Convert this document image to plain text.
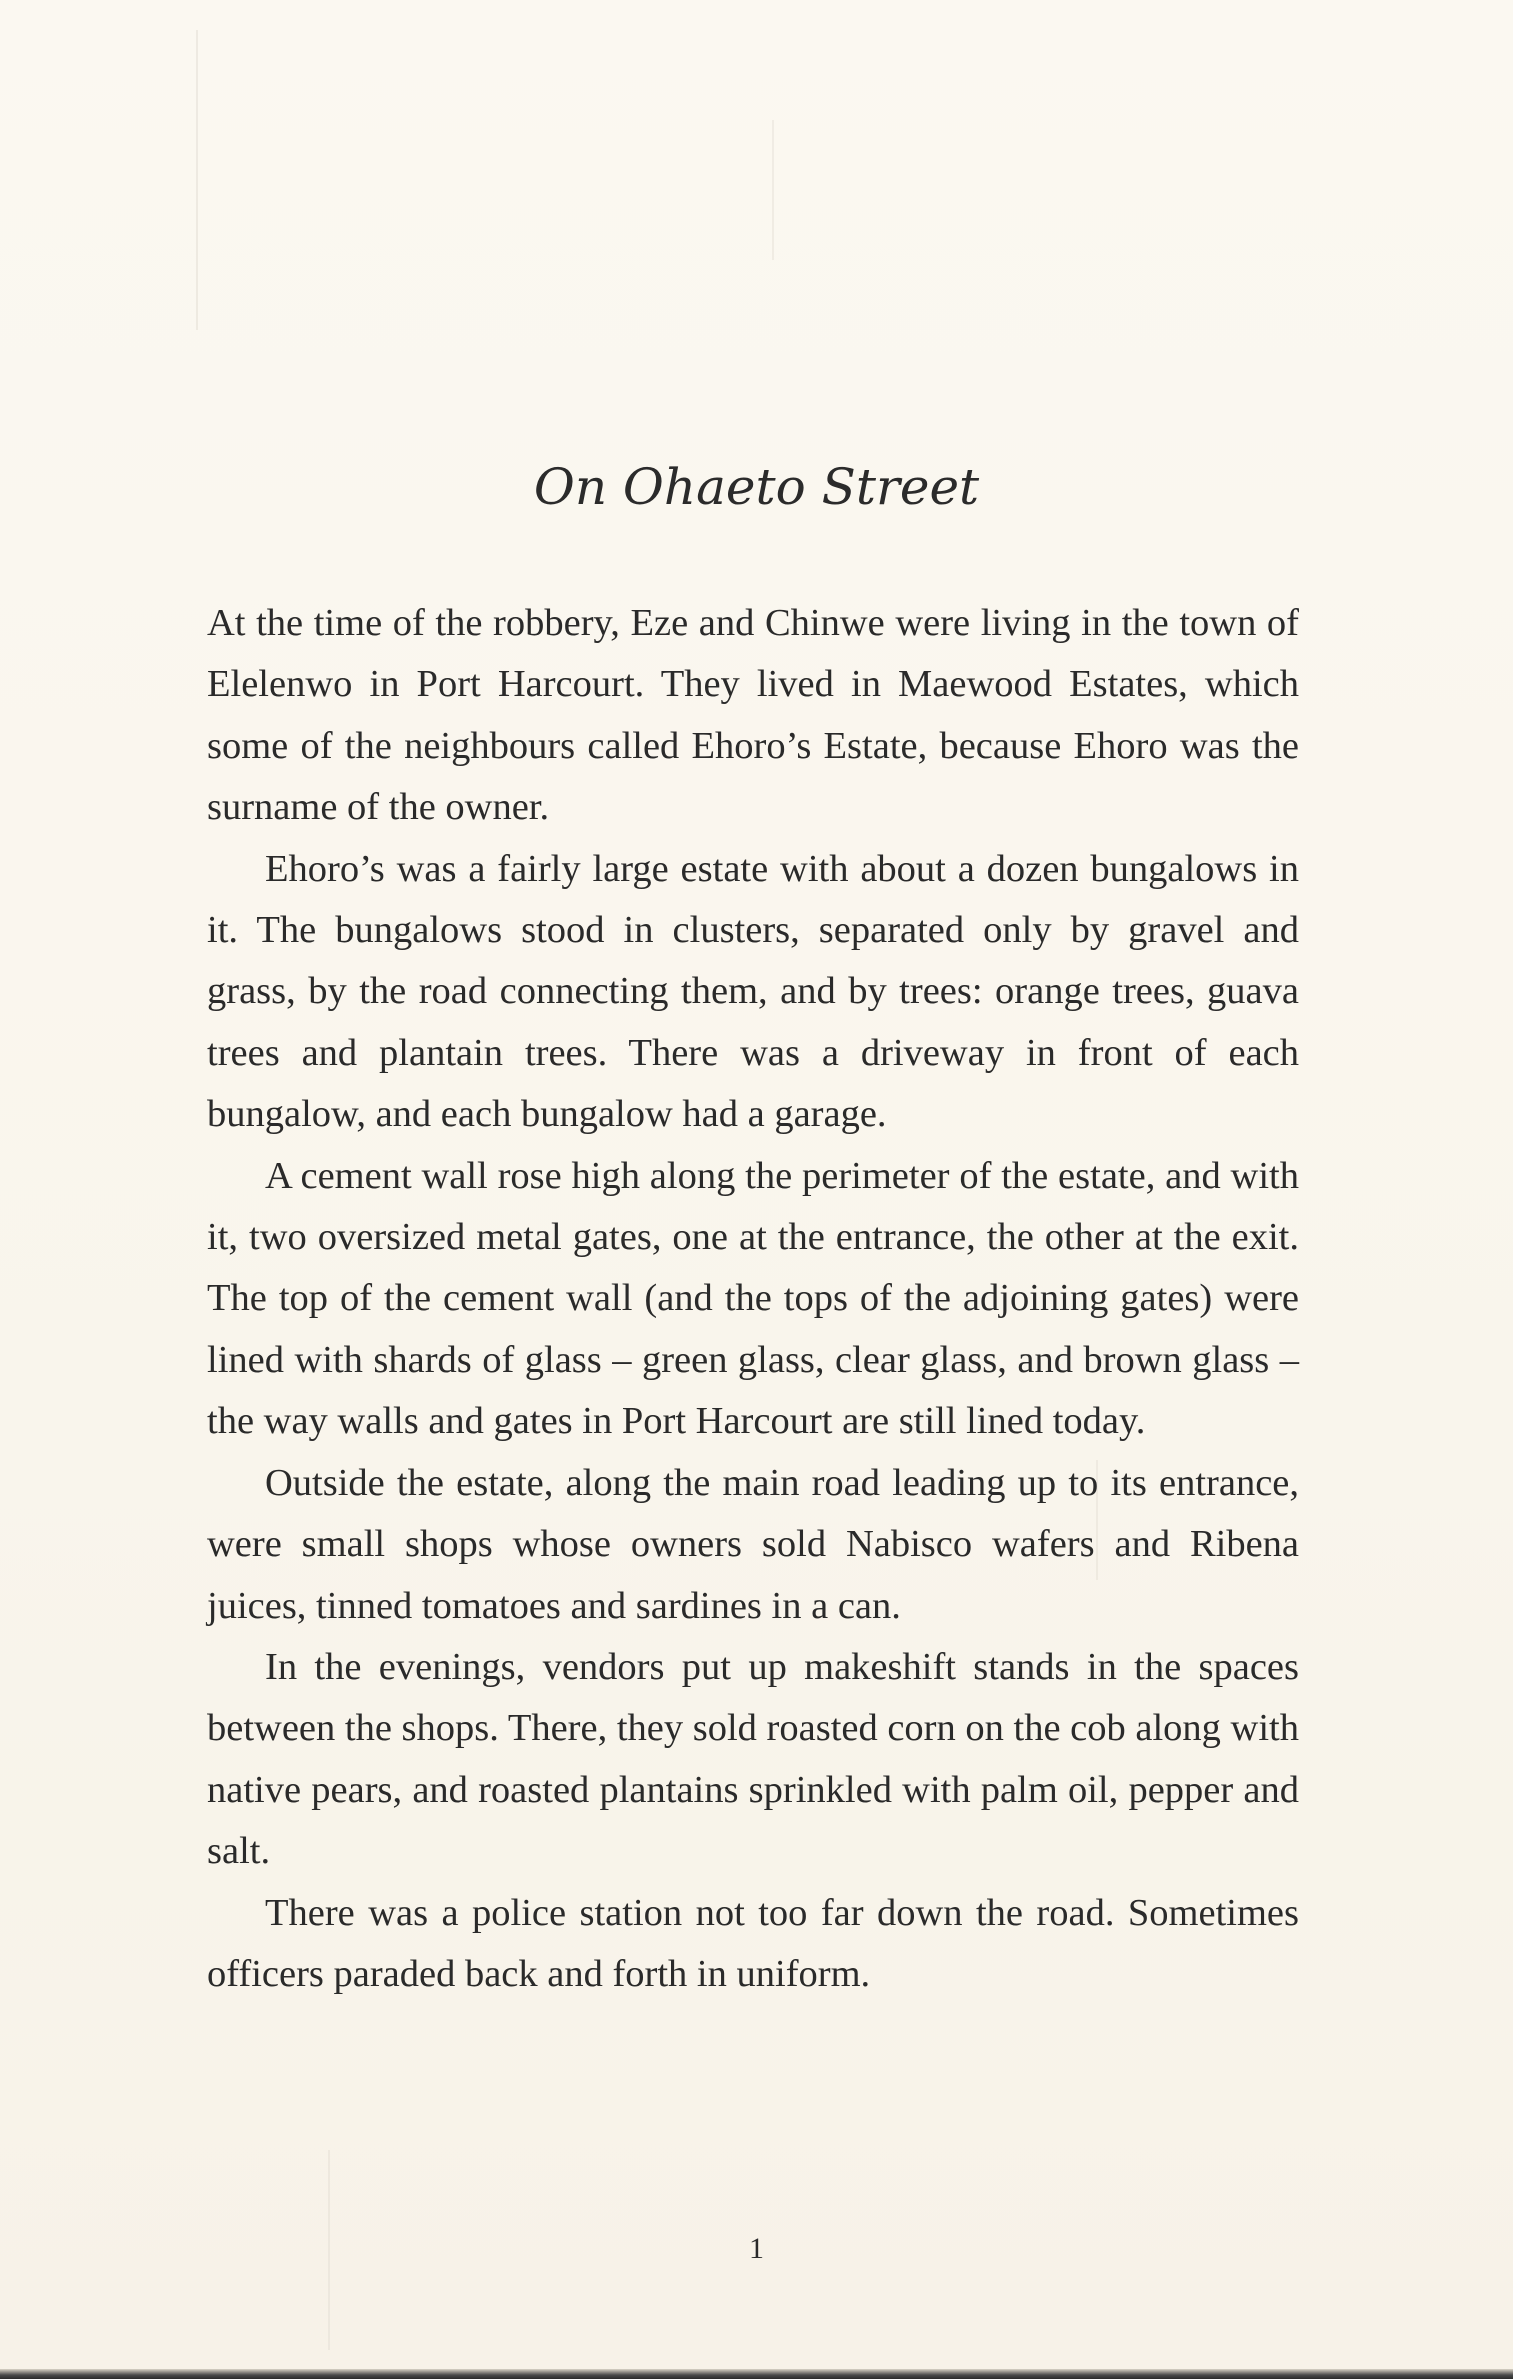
On Ohaeto Street

At the time of the robbery, Eze and Chinwe were living in the town of Elelenwo in Port Harcourt. They lived in Maewood Estates, which some of the neighbours called Ehoro’s Estate, because Ehoro was the surname of the owner.

Ehoro’s was a fairly large estate with about a dozen bungalows in it. The bungalows stood in clusters, separated only by gravel and grass, by the road connecting them, and by trees: orange trees, guava trees and plantain trees. There was a driveway in front of each bungalow, and each bungalow had a garage.

A cement wall rose high along the perimeter of the estate, and with it, two oversized metal gates, one at the entrance, the other at the exit. The top of the cement wall (and the tops of the adjoining gates) were lined with shards of glass – green glass, clear glass, and brown glass – the way walls and gates in Port Harcourt are still lined today.

Outside the estate, along the main road leading up to its entrance, were small shops whose owners sold Nabisco wafers and Ribena juices, tinned tomatoes and sardines in a can.

In the evenings, vendors put up makeshift stands in the spaces between the shops. There, they sold roasted corn on the cob along with native pears, and roasted plantains sprinkled with palm oil, pepper and salt.

There was a police station not too far down the road. Sometimes officers paraded back and forth in uniform.

1
